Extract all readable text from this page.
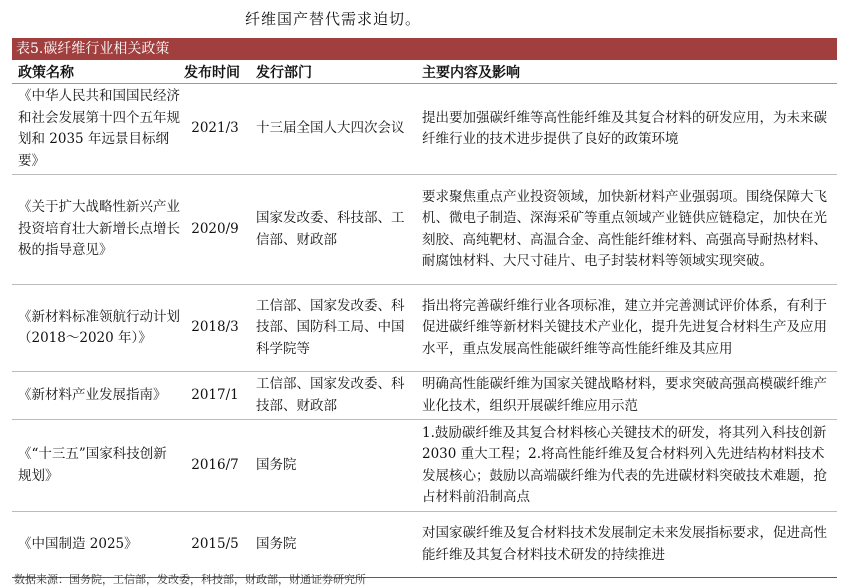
纤维国产替代需求迫切。
表5.碳纤维行业相关政策
政策名称	发布时间	发行部门	主要内容及影响
《中华人民共和国国民经济和社会发展第十四个五年规划和 2035 年远景目标纲要》	2021/3	十三届全国人大四次会议	提出要加强碳纤维等高性能纤维及其复合材料的研发应用，为未来碳纤维行业的技术进步提供了良好的政策环境
《关于扩大战略性新兴产业投资培育壮大新增长点增长极的指导意见》	2020/9	国家发改委、科技部、工信部、财政部	要求聚焦重点产业投资领域，加快新材料产业强弱项。围绕保障大飞机、微电子制造、深海采矿等重点领域产业链供应链稳定，加快在光刻胶、高纯靶材、高温合金、高性能纤维材料、高强高导耐热材料、耐腐蚀材料、大尺寸硅片、电子封装材料等领域实现突破。
《新材料标准领航行动计划（2018～2020 年）》	2018/3	工信部、国家发改委、科技部、国防科工局、中国科学院等	指出将完善碳纤维行业各项标准，建立并完善测试评价体系，有利于促进碳纤维等新材料关键技术产业化，提升先进复合材料生产及应用水平，重点发展高性能碳纤维等高性能纤维及其应用
《新材料产业发展指南》	2017/1	工信部、国家发改委、科技部、财政部	明确高性能碳纤维为国家关键战略材料，要求突破高强高模碳纤维产业化技术，组织开展碳纤维应用示范
《“十三五”国家科技创新规划》	2016/7	国务院	1.鼓励碳纤维及其复合材料核心关键技术的研发，将其列入科技创新 2030 重大工程；2.将高性能纤维及复合材料列入先进结构材料技术发展核心；鼓励以高端碳纤维为代表的先进碳材料突破技术难题，抢占材料前沿制高点
《中国制造 2025》	2015/5	国务院	对国家碳纤维及复合材料技术发展制定未来发展指标要求，促进高性能纤维及其复合材料技术研发的持续推进
数据来源：国务院，工信部，发改委，科技部，财政部，财通证券研究所
